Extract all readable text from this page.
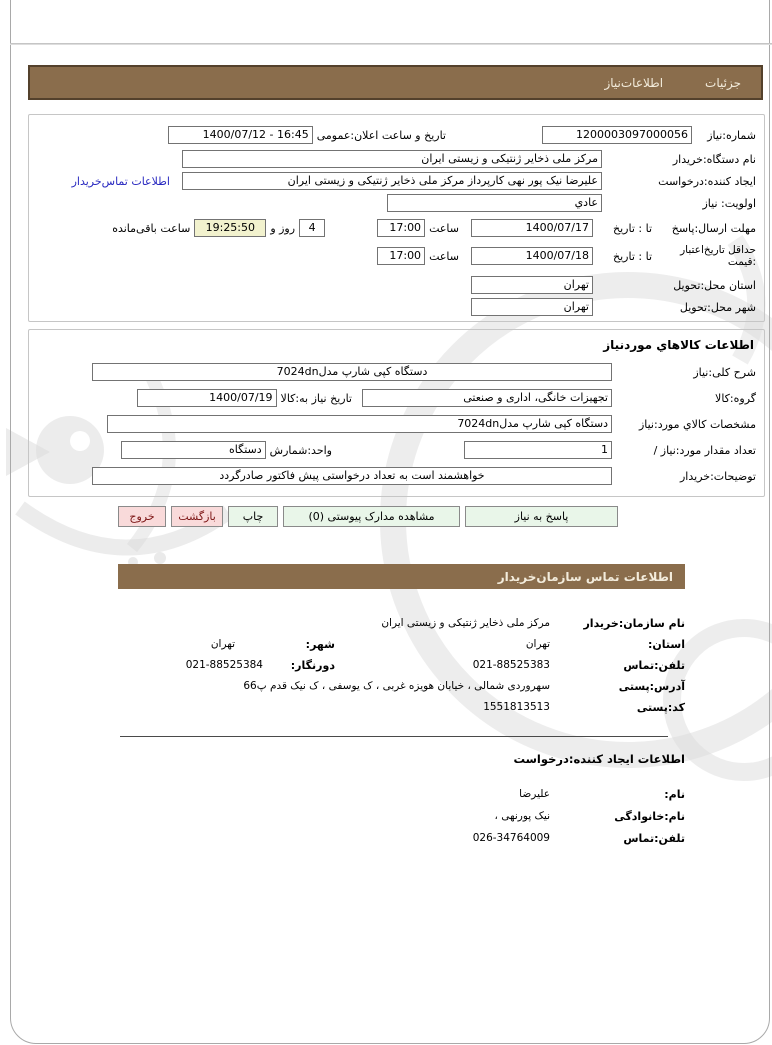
جزئیات
اطلاعات‌نیاز
شماره:نیاز
1200003097000056
تاریخ و ساعت اعلان:عمومی
1400/07/12 - 16:45
نام دستگاه:خریدار
مرکز ملی ذخایر ژنتیکی و زیستی ایران
ایجاد کننده:درخواست
علیرضا نیک پور نهی کارپرداز مرکز ملی ذخایر ژنتیکی و زیستی ایران
اطلاعات تماس‌خریدار
اولویت: نیاز
عادي
مهلت ارسال:پاسخ
تا : تاریخ
1400/07/17
ساعت
17:00
4
روز و
19:25:50
ساعت باقی‌مانده
حداقل تاریخ‌اعتبار
:قیمت
تا : تاریخ
1400/07/18
ساعت
17:00
استان محل:تحویل
تهران
شهر محل:تحویل
تهران
اطلاعات کالاهاي موردنیاز
شرح کلی:نیاز
دستگاه کپی شارپ مدل7024dn
گروه:کالا
تجهیزات خانگی، اداری و صنعتی
تاریخ نیاز به:کالا
1400/07/19
مشخصات کالاي مورد:نیاز
دستگاه کپی شارپ مدل7024dn
تعداد مقدار مورد:نیاز /
1
واحد:شمارش
دستگاه
توضیحات:خریدار
خواهشمند است به تعداد درخواستی پیش فاکتور صادرگردد
پاسخ به نیاز
مشاهده مدارک پیوستی (0)
چاپ
بازگشت
خروج
اطلاعات تماس سازمان‌خریدار
نام سازمان:خریدار
مرکز ملی ذخایر ژنتیکی و زیستی ایران
استان:
تهران
شهر:
تهران
تلفن:تماس
021-88525383
دورنگار:
021-88525384
آدرس:پستی
سهروردی شمالی ، خیابان هویزه غربی ، ک یوسفی ، ک نیک قدم پ66
کد:پستی
1551813513
اطلاعات ایجاد کننده:درخواست
نام:
علیرضا
نام:خانوادگی
نیک پورنهی ،
تلفن:تماس
026-34764009
